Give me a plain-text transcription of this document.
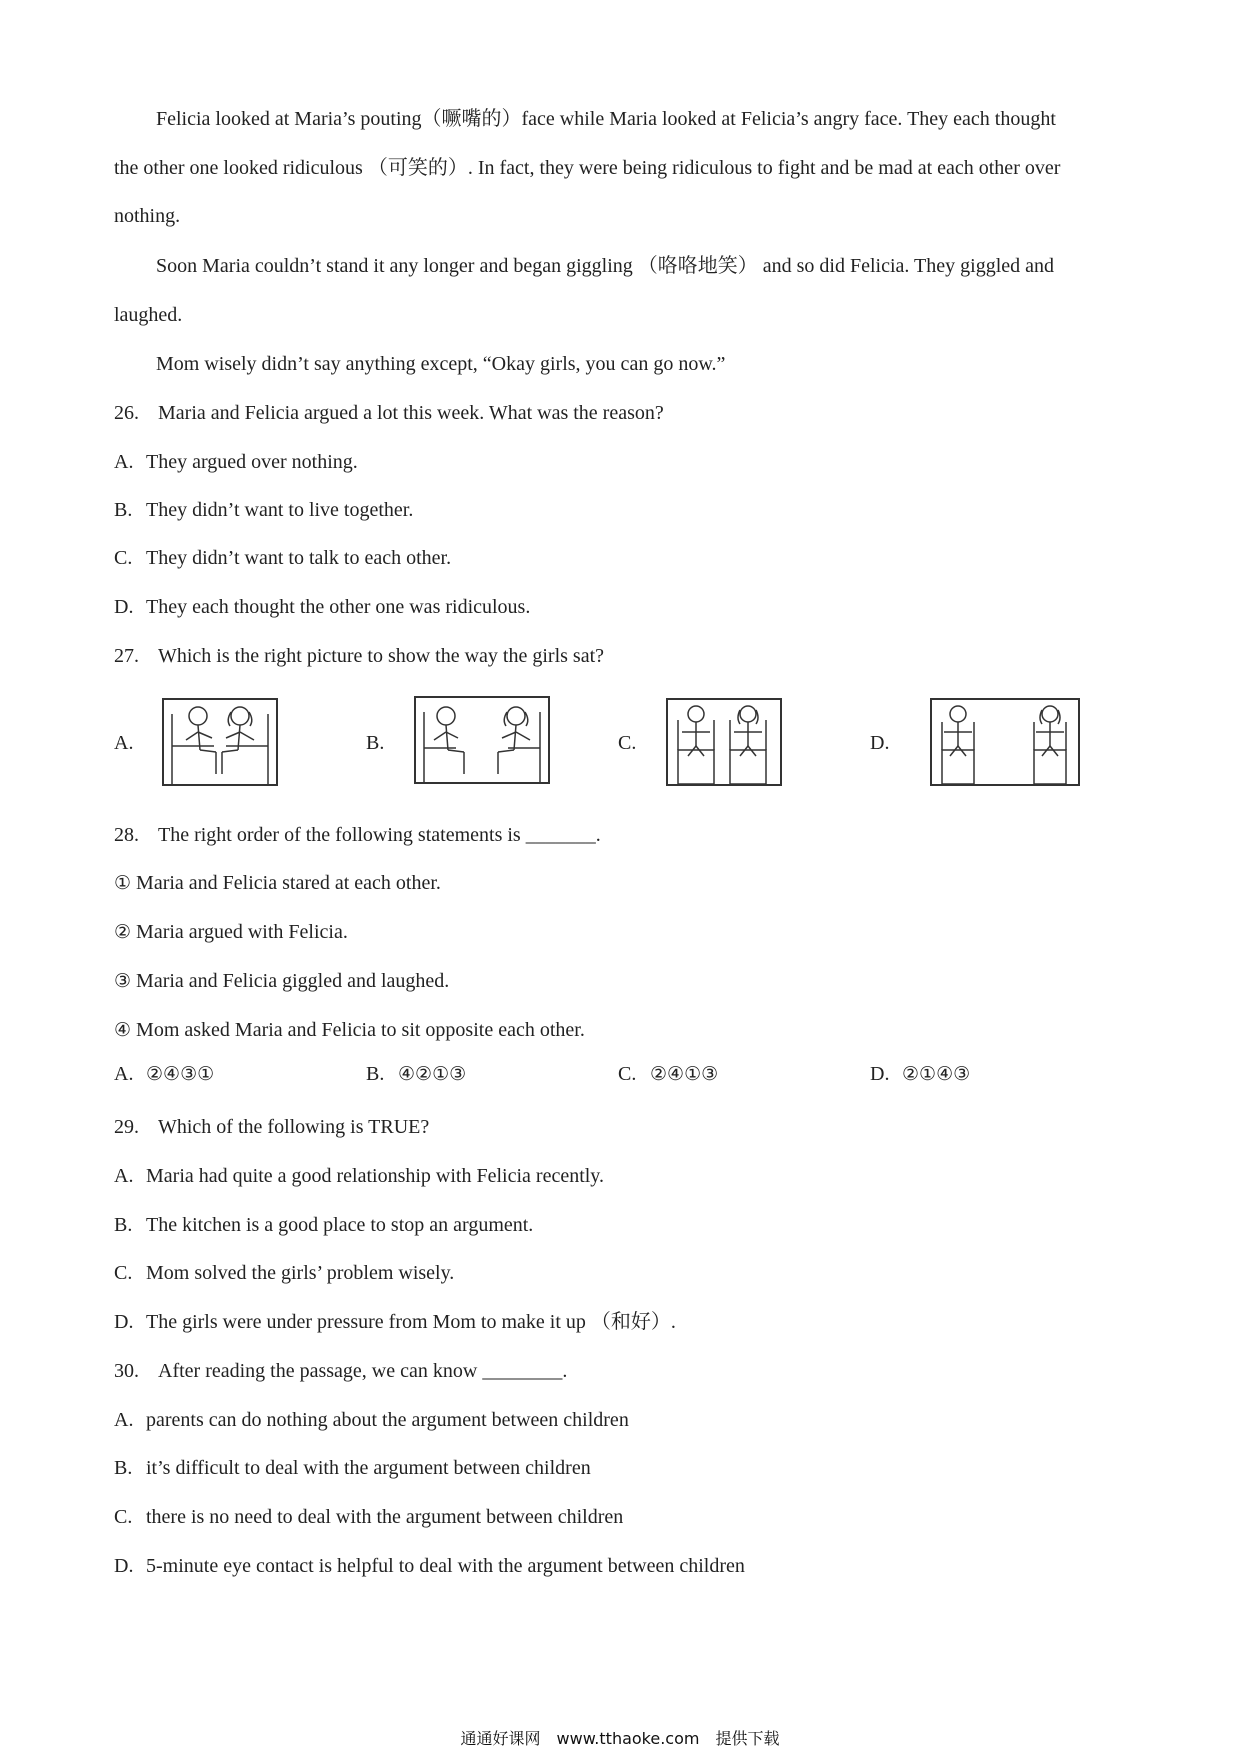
Felicia looked at Maria’s pouting（噘嘴的）face while Maria looked at Felicia’s angry face. They each thought
the other one looked ridiculous （可笑的）. In fact, they were being ridiculous to fight and be mad at each other over
nothing.
Soon Maria couldn’t stand it any longer and began giggling （咯咯地笑） and so did Felicia. They giggled and
laughed.
Mom wisely didn’t say anything except, “Okay girls, you can go now.”
26. Maria and Felicia argued a lot this week. What was the reason?
A. They argued over nothing.
B. They didn’t want to live together.
C. They didn’t want to talk to each other.
D. They each thought the other one was ridiculous.
27. Which is the right picture to show the way the girls sat?
A.	B.	C.	D.
28. The right order of the following statements is _______.
① Maria and Felicia stared at each other.
② Maria argued with Felicia.
③ Maria and Felicia giggled and laughed.
④ Mom asked Maria and Felicia to sit opposite each other.
A. ②④③①	B. ④②①③	C. ②④①③	D. ②①④③
29. Which of the following is TRUE?
A. Maria had quite a good relationship with Felicia recently.
B. The kitchen is a good place to stop an argument.
C. Mom solved the girls’ problem wisely.
D. The girls were under pressure from Mom to make it up （和好）.
30. After reading the passage, we can know ________.
A. parents can do nothing about the argument between children
B. it’s difficult to deal with the argument between children
C. there is no need to deal with the argument between children
D. 5-minute eye contact is helpful to deal with the argument between children
通通好课网　www.tthaoke.com　提供下载
